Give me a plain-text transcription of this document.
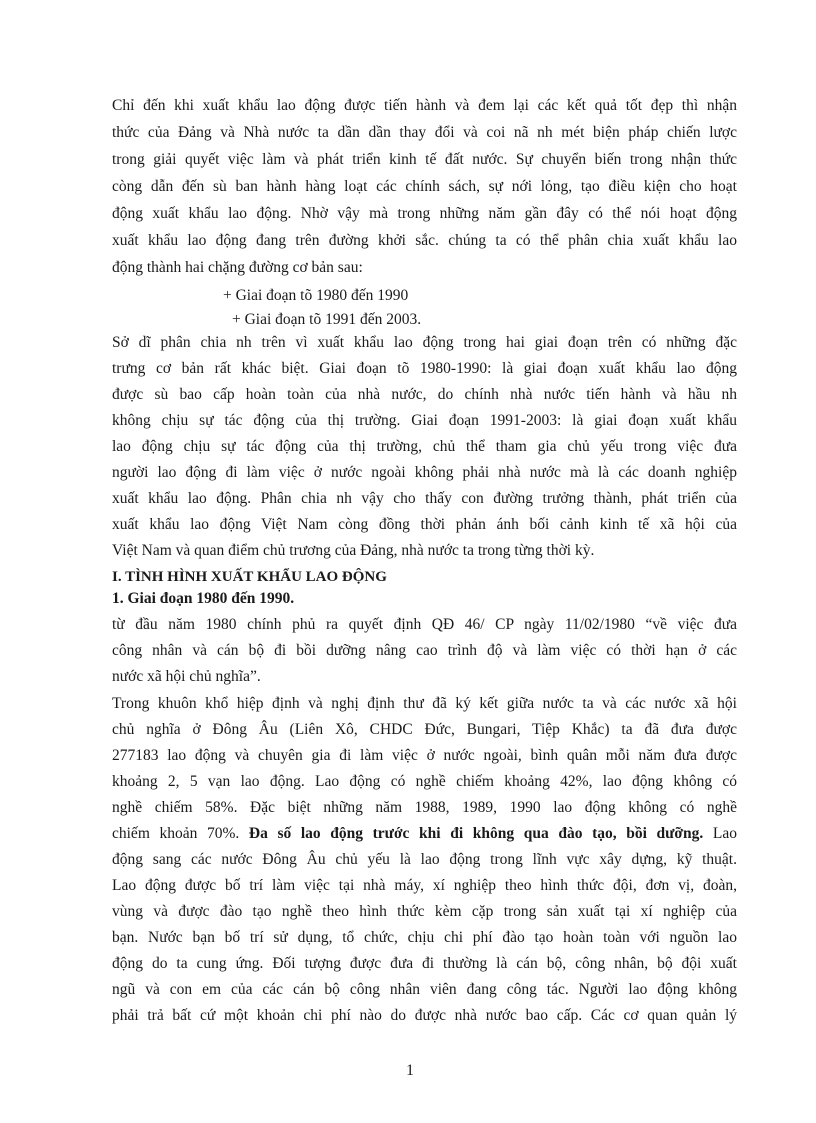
Chỉ đến khi xuất khẩu lao động được tiến hành và đem lại các kết quả tốt đẹp thì nhận
thức của Đảng và Nhà nước ta dần dần thay đổi và coi nã nh mét biện pháp chiến lược
trong giải quyết việc làm và phát triển kinh tế đất nước. Sự chuyển biến trong nhận thức
còng dẫn đến sù ban hành hàng loạt các chính sách, sự nới lỏng, tạo điều kiện cho hoạt
động xuất khẩu lao động. Nhờ vậy mà trong những năm gần đây có thể nói hoạt động
xuất khẩu lao động đang trên đường khởi sắc. chúng ta có thể phân chia xuất khẩu lao
động thành hai chặng đường cơ bản sau:
+ Giai đoạn tõ 1980 đến 1990
+ Giai đoạn tõ 1991 đến 2003.
Sở dĩ phân chia nh trên vì xuất khẩu lao động trong hai giai đoạn trên có những đặc
trưng cơ bản rất khác biệt. Giai đoạn tõ 1980-1990: là giai đoạn xuất khẩu lao động
được sù bao cấp hoàn toàn của nhà nước, do chính nhà nước tiến hành và hầu nh
không chịu sự tác động của thị trường. Giai đoạn 1991-2003: là giai đoạn xuất khẩu
lao động chịu sự tác động của thị trường, chủ thể tham gia chủ yếu trong việc đưa
người lao động đi làm việc ở nước ngoài không phải nhà nước mà là các doanh nghiệp
xuất khẩu lao động. Phân chia nh vậy cho thấy con đường trưởng thành, phát triển của
xuất khẩu lao động Việt Nam còng đồng thời phản ánh bối cảnh kinh tế xã hội của
Việt Nam và quan điểm chủ trương của Đảng, nhà nước ta trong từng thời kỳ.
I. TÌNH HÌNH XUẤT KHẨU LAO ĐỘNG
1. Giai đoạn 1980 đến 1990.
từ đầu năm 1980 chính phủ ra quyết định QĐ 46/ CP ngày 11/02/1980 “về việc đưa
công nhân và cán bộ đi bồi dưỡng nâng cao trình độ và làm việc có thời hạn ở các
nước xã hội chủ nghĩa”.
Trong khuôn khổ hiệp định và nghị định thư đã ký kết giữa nước ta và các nước xã hội
chủ nghĩa ở Đông Âu (Liên Xô, CHDC Đức, Bungari, Tiệp Khắc) ta đã đưa được
277183 lao động và chuyên gia đi làm việc ở nước ngoài, bình quân mỗi năm đưa được
khoảng 2, 5 vạn lao động. Lao động có nghề chiếm khoảng 42%, lao động không có
nghề chiếm 58%. Đặc biệt những năm 1988, 1989, 1990 lao động không có nghề
chiếm khoản 70%. Đa số lao động trước khi đi không qua đào tạo, bồi dưỡng. Lao
động sang các nước Đông Âu chủ yếu là lao động trong lĩnh vực xây dựng, kỹ thuật.
Lao động được bố trí làm việc tại nhà máy, xí nghiệp theo hình thức đội, đơn vị, đoàn,
vùng và được đào tạo nghề theo hình thức kèm cặp trong sản xuất tại xí nghiệp của
bạn. Nước bạn bố trí sử dụng, tổ chức, chịu chi phí đào tạo hoàn toàn với nguồn lao
động do ta cung ứng. Đối tượng được đưa đi thường là cán bộ, công nhân, bộ đội xuất
ngũ và con em của các cán bộ công nhân viên đang công tác. Người lao động không
phải trả bất cứ một khoản chi phí nào do được nhà nước bao cấp. Các cơ quan quản lý
1
